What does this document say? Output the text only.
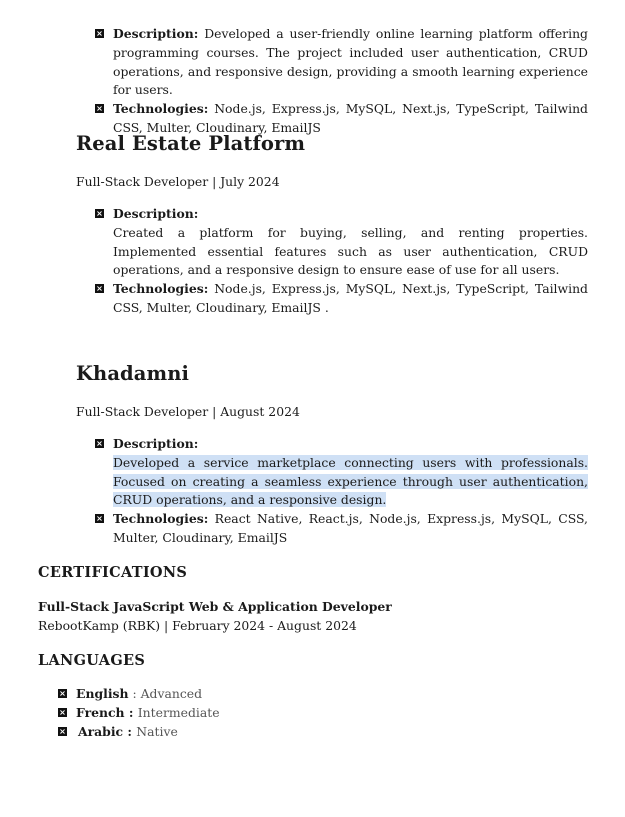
× Description: Developed a user-friendly online learning platform offering programming courses. The project included user authentication, CRUD operations, and responsive design, providing a smooth learning experience for users.
× Technologies: Node.js, Express.js, MySQL, Next.js, TypeScript, Tailwind CSS, Multer, Cloudinary, EmailJS
Real Estate Platform
Full-Stack Developer | July 2024
× Description:
Created a platform for buying, selling, and renting properties. Implemented essential features such as user authentication, CRUD operations, and a responsive design to ensure ease of use for all users.
× Technologies: Node.js, Express.js, MySQL, Next.js, TypeScript, Tailwind CSS, Multer, Cloudinary, EmailJS .
Khadamni
Full-Stack Developer | August 2024
× Description:
Developed a service marketplace connecting users with professionals. Focused on creating a seamless experience through user authentication, CRUD operations, and a responsive design.
× Technologies: React Native, React.js, Node.js, Express.js, MySQL, CSS, Multer, Cloudinary, EmailJS
CERTIFICATIONS
Full-Stack JavaScript Web & Application Developer
RebootKamp (RBK) | February 2024 - August 2024
LANGUAGES
× English : Advanced
× French : Intermediate
× Arabic : Native
